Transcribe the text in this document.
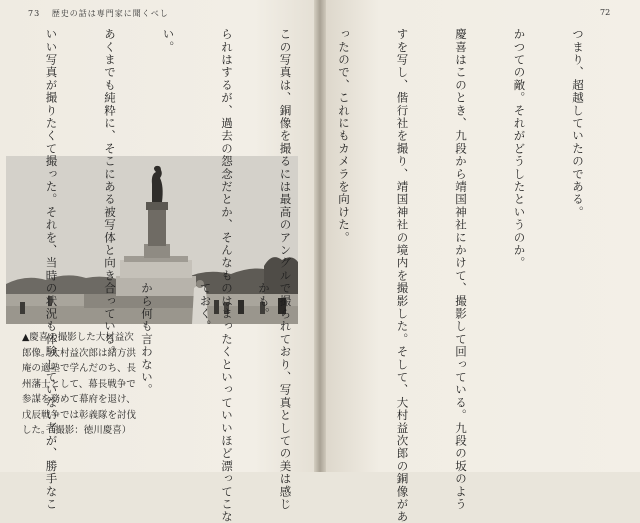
73 歴史の話は専門家に聞くべし	72
▲慶喜の撮影した大村益次
郎像。大村益次郎は緒方洪
庵の適塾で学んだのち、長
州藩士として、幕長戦争で
参謀を務めて幕府を退け、
戊辰戦争では彰義隊を討伐
した。（撮影：徳川慶喜）

かも。

ておく。

から何も言わない。

つまり、超越していたのである。

かつての敵。それがどうしたというのか。

慶喜はこのとき、九段から靖国神社にかけて、撮影して回っている。九段の坂のよう

すを写し、偕行社を撮り、靖国神社の境内を撮影した。そして、大村益次郎の銅像があ

ったので、これにもカメラを向けた。

この写真は、銅像を撮るには最高のアングルで撮られており、写真としての美は感じ

られはするが、過去の怨念だとか、そんなものはまったくといっていいほど漂ってこな

い。

あくまでも純粋に、そこにある被写体と向き合っている。

いい写真が撮りたくて撮った。それを、当時の状況も体験していない者が、勝手なこ
